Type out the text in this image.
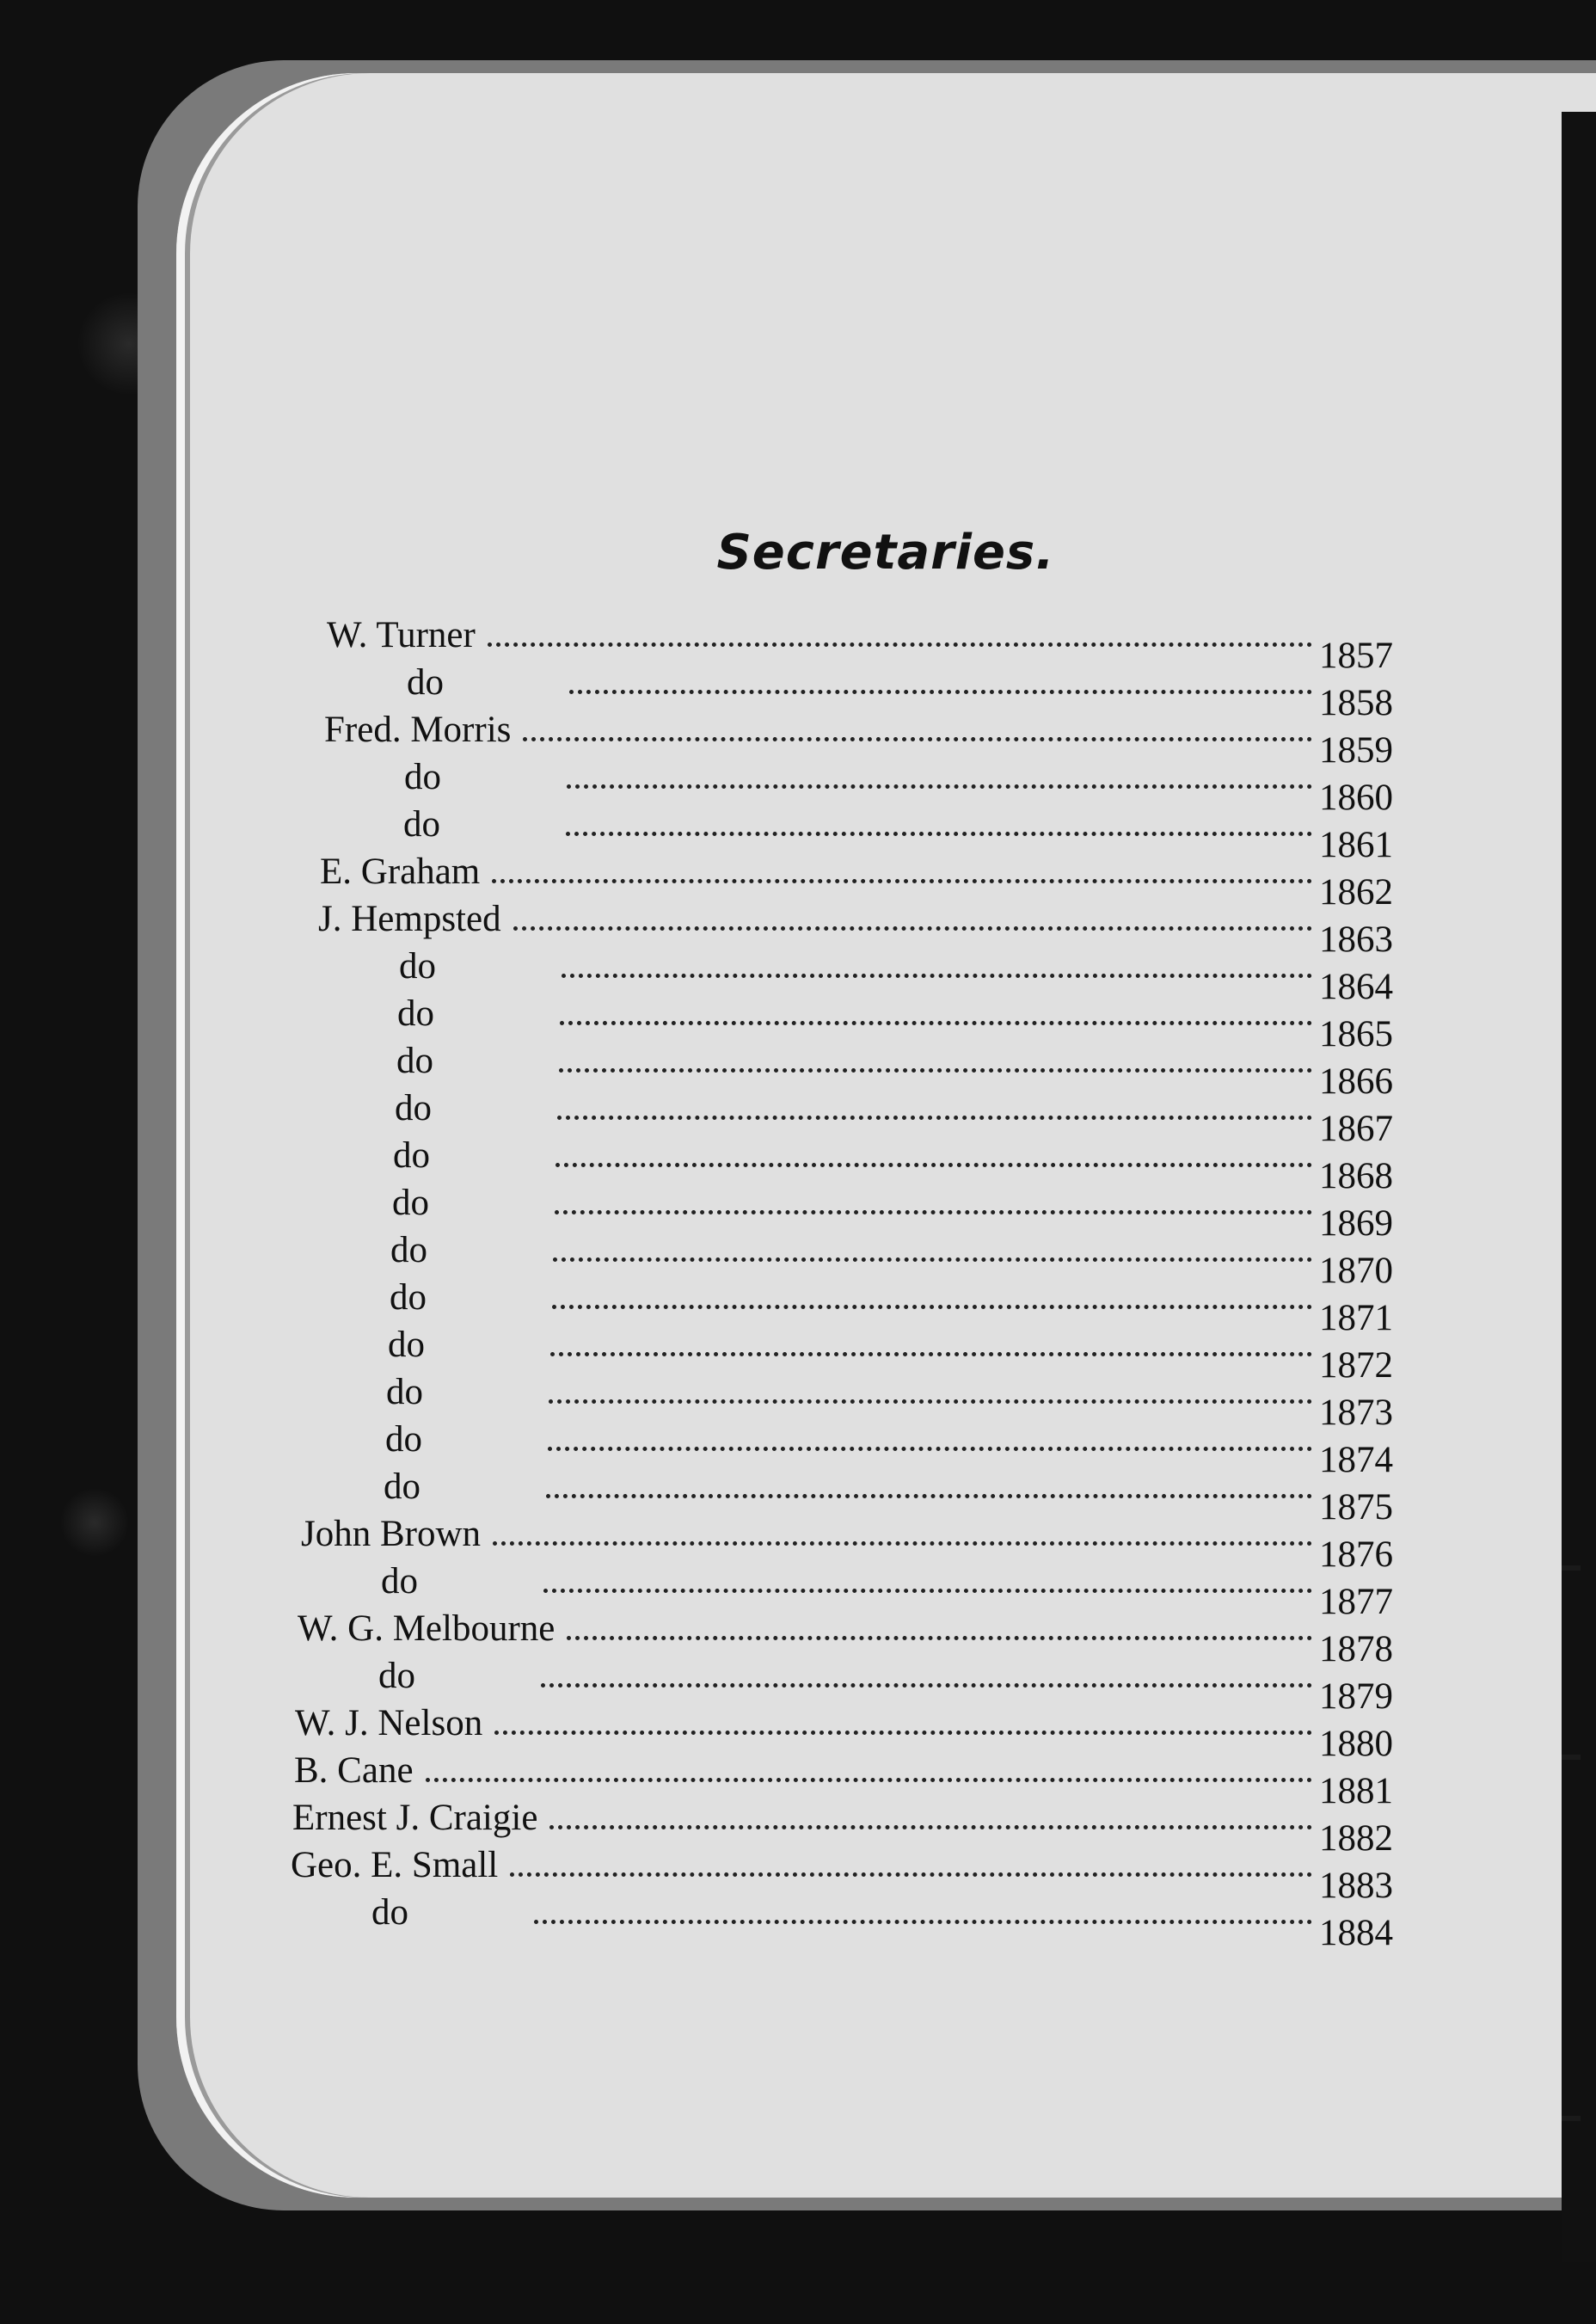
Secretaries.
W. Turner
1857
do
1858
Fred. Morris
1859
do
1860
do
1861
E. Graham
1862
J. Hempsted
1863
do
1864
do
1865
do
1866
do
1867
do
1868
do
1869
do
1870
do
1871
do
1872
do
1873
do
1874
do
1875
John Brown
1876
do
1877
W. G. Melbourne
1878
do
1879
W. J. Nelson
1880
B. Cane
1881
Ernest J. Craigie
1882
Geo. E. Small
1883
do
1884
